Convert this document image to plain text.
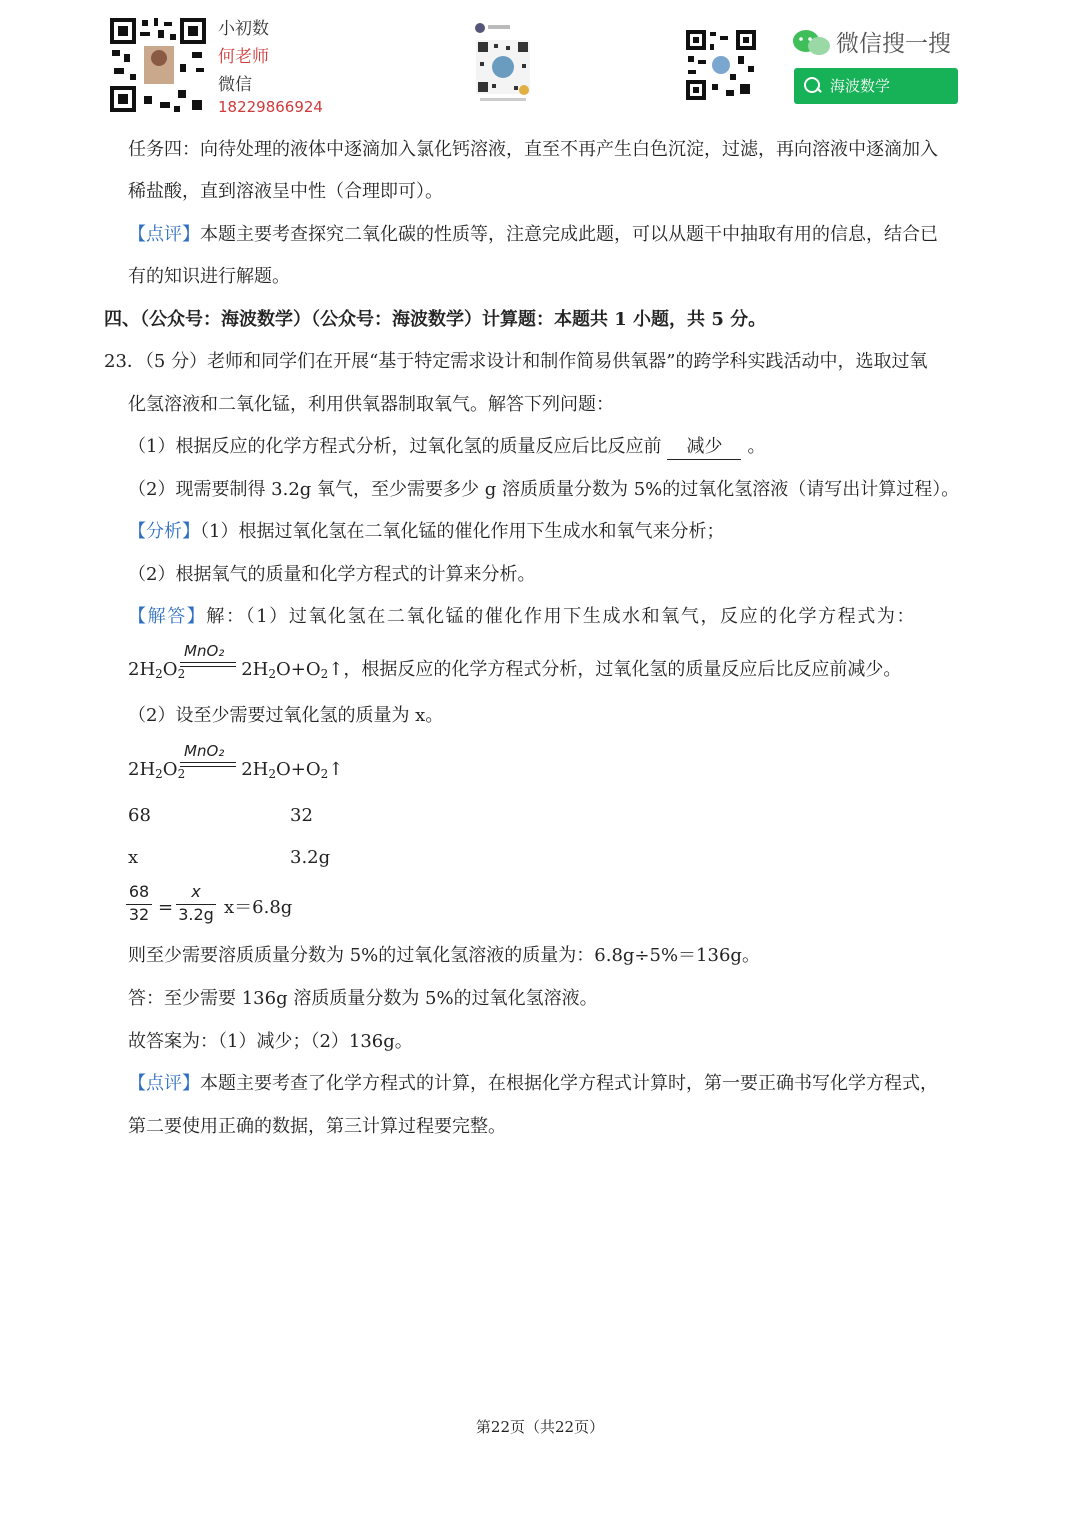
小初数
何老师
微信
18229866924
微信搜一搜
海波数学
任务四：向待处理的液体中逐滴加入氯化钙溶液，直至不再产生白色沉淀，过滤，再向溶液中逐滴加入
稀盐酸，直到溶液呈中性（合理即可）。
【点评】本题主要考查探究二氧化碳的性质等，注意完成此题，可以从题干中抽取有用的信息，结合已
有的知识进行解题。
四、（公众号：海波数学）（公众号：海波数学）计算题：本题共 1 小题，共 5 分。
23．（5 分）老师和同学们在开展“基于特定需求设计和制作简易供氧器”的跨学科实践活动中，选取过氧
化氢溶液和二氧化锰，利用供氧器制取氧气。解答下列问题：
（1）根据反应的化学方程式分析，过氧化氢的质量反应后比反应前 减少 。
（2）现需要制得 3.2g 氧气，至少需要多少 g 溶质质量分数为 5%的过氧化氢溶液（请写出计算过程）。
【分析】（1）根据过氧化氢在二氧化锰的催化作用下生成水和氧气来分析；
（2）根据氧气的质量和化学方程式的计算来分析。
【解答】解：（1）过氧化氢在二氧化锰的催化作用下生成水和氧气，反应的化学方程式为：
MnO₂
$2H_2O_2$	$2H_2O+O_2↑$，根据反应的化学方程式分析，过氧化氢的质量反应后比反应前减少。
（2）设至少需要过氧化氢的质量为 x。
MnO₂
$2H_2O_2$	$2H_2O+O_2↑$
68	32
x	3.2g
68
32 =
x
3.2g x＝6.8g
则至少需要溶质质量分数为 5%的过氧化氢溶液的质量为：6.8g÷5%＝136g。
答：至少需要 136g 溶质质量分数为 5%的过氧化氢溶液。
故答案为：（1）减少；（2）136g。
【点评】本题主要考查了化学方程式的计算，在根据化学方程式计算时，第一要正确书写化学方程式，
第二要使用正确的数据，第三计算过程要完整。
第22页（共22页）
